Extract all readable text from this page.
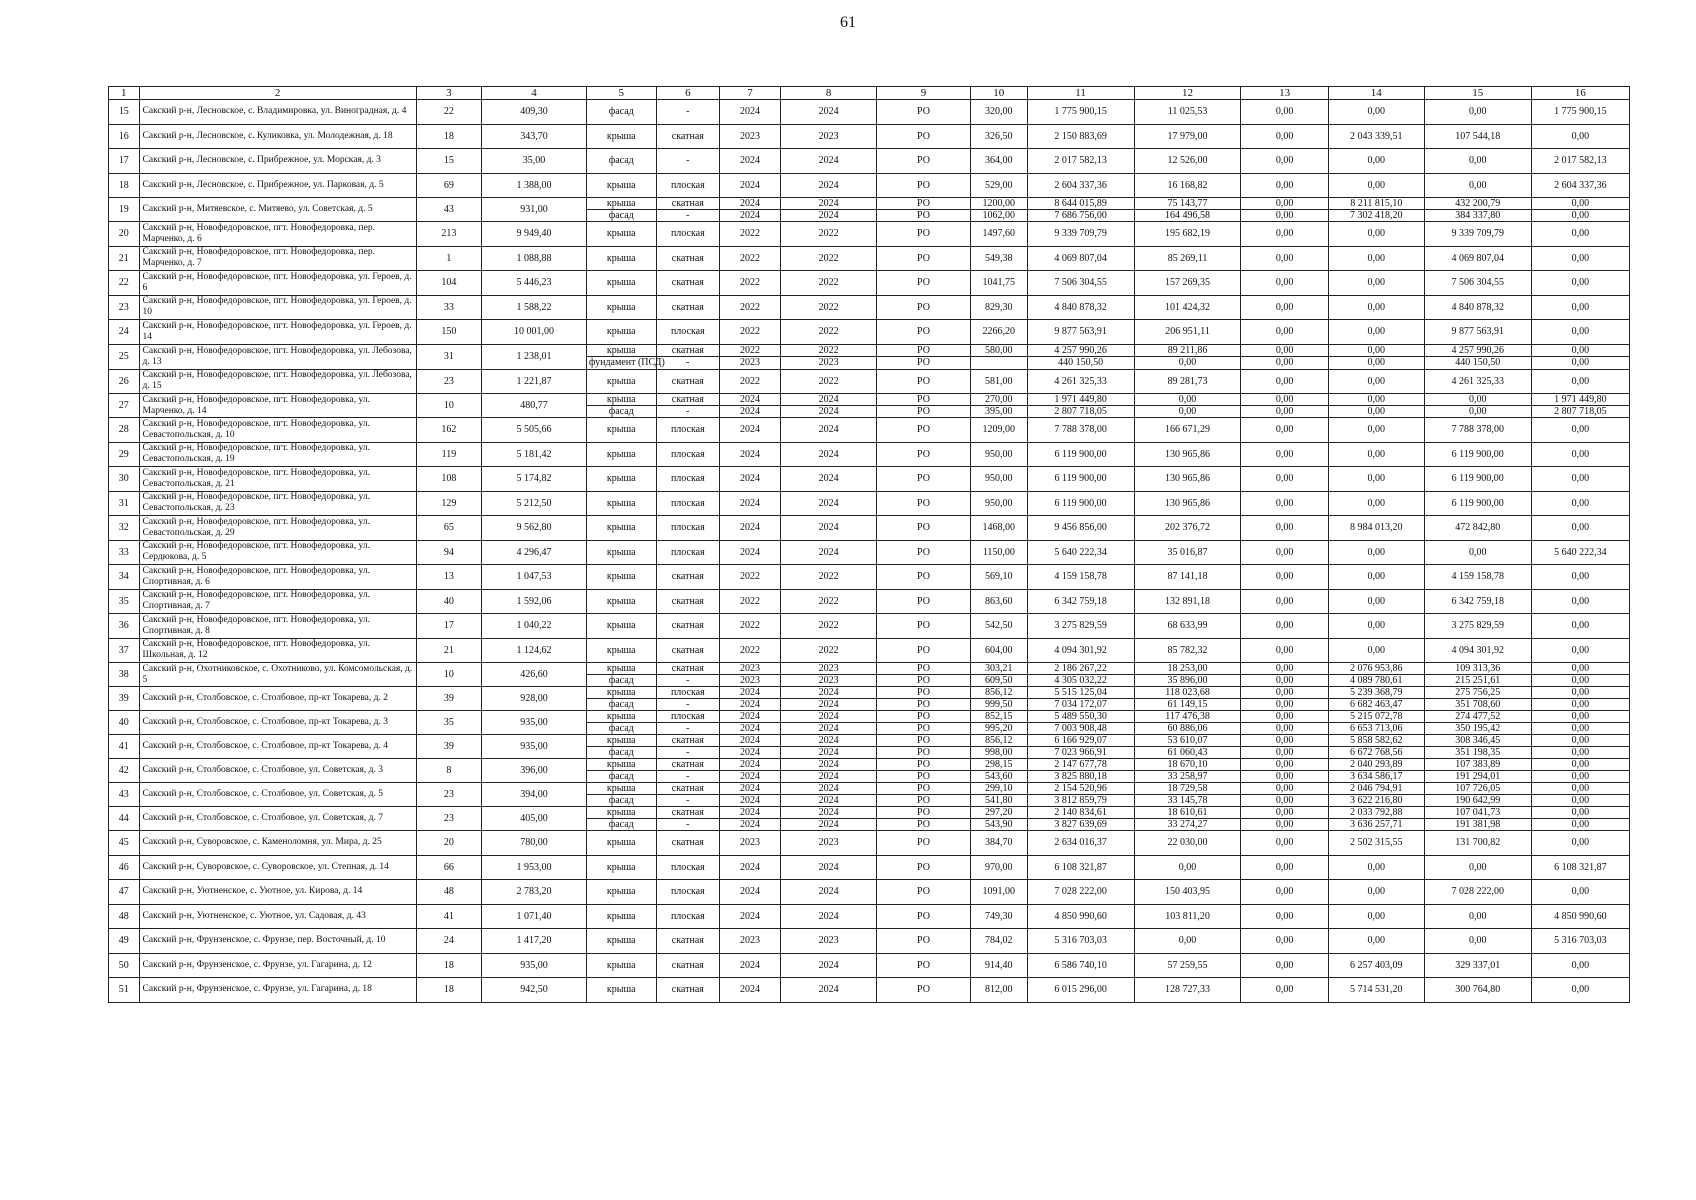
61
1	2	3	4	5	6	7	8	9	10	11	12	13	14	15	16
15	Сакский р-н, Лесновское, с. Владимировка, ул. Виноградная, д. 4	22	409,30	фасад	-	2024	2024	РО	320,00	1 775 900,15	11 025,53	0,00	0,00	0,00	1 775 900,15
16	Сакский р-н, Лесновское, с. Куликовка, ул. Молодежная, д. 18	18	343,70	крыша	скатная	2023	2023	РО	326,50	2 150 883,69	17 979,00	0,00	2 043 339,51	107 544,18	0,00
17	Сакский р-н, Лесновское, с. Прибрежное, ул. Морская, д. 3	15	35,00	фасад	-	2024	2024	РО	364,00	2 017 582,13	12 526,00	0,00	0,00	0,00	2 017 582,13
18	Сакский р-н, Лесновское, с. Прибрежное, ул. Парковая, д. 5	69	1 388,00	крыша	плоская	2024	2024	РО	529,00	2 604 337,36	16 168,82	0,00	0,00	0,00	2 604 337,36
19	Сакский р-н, Митяевское, с. Митяево, ул. Советская, д. 5	43	931,00	крыша	скатная	2024	2024	РО	1200,00	8 644 015,89	75 143,77	0,00	8 211 815,10	432 200,79	0,00
				фасад	-	2024	2024	РО	1062,00	7 686 756,00	164 496,58	0,00	7 302 418,20	384 337,80	0,00
20	Сакский р-н, Новофедоровское, пгт. Новофедоровка, пер. Марченко, д. 6	213	9 949,40	крыша	плоская	2022	2022	РО	1497,60	9 339 709,79	195 682,19	0,00	0,00	9 339 709,79	0,00
21	Сакский р-н, Новофедоровское, пгт. Новофедоровка, пер. Марченко, д. 7	1	1 088,88	крыша	скатная	2022	2022	РО	549,38	4 069 807,04	85 269,11	0,00	0,00	4 069 807,04	0,00
22	Сакский р-н, Новофедоровское, пгт. Новофедоровка, ул. Героев, д. 6	104	5 446,23	крыша	скатная	2022	2022	РО	1041,75	7 506 304,55	157 269,35	0,00	0,00	7 506 304,55	0,00
23	Сакский р-н, Новофедоровское, пгт. Новофедоровка, ул. Героев, д. 10	33	1 588,22	крыша	скатная	2022	2022	РО	829,30	4 840 878,32	101 424,32	0,00	0,00	4 840 878,32	0,00
24	Сакский р-н, Новофедоровское, пгт. Новофедоровка, ул. Героев, д. 14	150	10 001,00	крыша	плоская	2022	2022	РО	2266,20	9 877 563,91	206 951,11	0,00	0,00	9 877 563,91	0,00
25	Сакский р-н, Новофедоровское, пгт. Новофедоровка, ул. Лебозова, д. 13	31	1 238,01	крыша	скатная	2022	2022	РО	580,00	4 257 990,26	89 211,86	0,00	0,00	4 257 990,26	0,00
				фундамент (ПСД)	-	2023	2023	РО		440 150,50	0,00	0,00	0,00	440 150,50	0,00
26	Сакский р-н, Новофедоровское, пгт. Новофедоровка, ул. Лебозова, д. 15	23	1 221,87	крыша	скатная	2022	2022	РО	581,00	4 261 325,33	89 281,73	0,00	0,00	4 261 325,33	0,00
27	Сакский р-н, Новофедоровское, пгт. Новофедоровка, ул. Марченко, д. 14	10	480,77	крыша	скатная	2024	2024	РО	270,00	1 971 449,80	0,00	0,00	0,00	0,00	1 971 449,80
				фасад	-	2024	2024	РО	395,00	2 807 718,05	0,00	0,00	0,00	0,00	2 807 718,05
28	Сакский р-н, Новофедоровское, пгт. Новофедоровка, ул. Севастопольская, д. 10	162	5 505,66	крыша	плоская	2024	2024	РО	1209,00	7 788 378,00	166 671,29	0,00	0,00	7 788 378,00	0,00
29	Сакский р-н, Новофедоровское, пгт. Новофедоровка, ул. Севастопольская, д. 19	119	5 181,42	крыша	плоская	2024	2024	РО	950,00	6 119 900,00	130 965,86	0,00	0,00	6 119 900,00	0,00
30	Сакский р-н, Новофедоровское, пгт. Новофедоровка, ул. Севастопольская, д. 21	108	5 174,82	крыша	плоская	2024	2024	РО	950,00	6 119 900,00	130 965,86	0,00	0,00	6 119 900,00	0,00
31	Сакский р-н, Новофедоровское, пгт. Новофедоровка, ул. Севастопольская, д. 23	129	5 212,50	крыша	плоская	2024	2024	РО	950,00	6 119 900,00	130 965,86	0,00	0,00	6 119 900,00	0,00
32	Сакский р-н, Новофедоровское, пгт. Новофедоровка, ул. Севастопольская, д. 29	65	9 562,80	крыша	плоская	2024	2024	РО	1468,00	9 456 856,00	202 376,72	0,00	8 984 013,20	472 842,80	0,00
33	Сакский р-н, Новофедоровское, пгт. Новофедоровка, ул. Сердюкова, д. 5	94	4 296,47	крыша	плоская	2024	2024	РО	1150,00	5 640 222,34	35 016,87	0,00	0,00	0,00	5 640 222,34
34	Сакский р-н, Новофедоровское, пгт. Новофедоровка, ул. Спортивная, д. 6	13	1 047,53	крыша	скатная	2022	2022	РО	569,10	4 159 158,78	87 141,18	0,00	0,00	4 159 158,78	0,00
35	Сакский р-н, Новофедоровское, пгт. Новофедоровка, ул. Спортивная, д. 7	40	1 592,06	крыша	скатная	2022	2022	РО	863,60	6 342 759,18	132 891,18	0,00	0,00	6 342 759,18	0,00
36	Сакский р-н, Новофедоровское, пгт. Новофедоровка, ул. Спортивная, д. 8	17	1 040,22	крыша	скатная	2022	2022	РО	542,50	3 275 829,59	68 633,99	0,00	0,00	3 275 829,59	0,00
37	Сакский р-н, Новофедоровское, пгт. Новофедоровка, ул. Школьная, д. 12	21	1 124,62	крыша	скатная	2022	2022	РО	604,00	4 094 301,92	85 782,32	0,00	0,00	4 094 301,92	0,00
38	Сакский р-н, Охотниковское, с. Охотниково, ул. Комсомольская, д. 5	10	426,60	крыша	скатная	2023	2023	РО	303,21	2 186 267,22	18 253,00	0,00	2 076 953,86	109 313,36	0,00
				фасад	-	2023	2023	РО	609,50	4 305 032,22	35 896,00	0,00	4 089 780,61	215 251,61	0,00
39	Сакский р-н, Столбовское, с. Столбовое, пр-кт Токарева, д. 2	39	928,00	крыша	плоская	2024	2024	РО	856,12	5 515 125,04	118 023,68	0,00	5 239 368,79	275 756,25	0,00
				фасад	-	2024	2024	РО	999,50	7 034 172,07	61 149,15	0,00	6 682 463,47	351 708,60	0,00
40	Сакский р-н, Столбовское, с. Столбовое, пр-кт Токарева, д. 3	35	935,00	крыша	плоская	2024	2024	РО	852,15	5 489 550,30	117 476,38	0,00	5 215 072,78	274 477,52	0,00
				фасад	-	2024	2024	РО	995,20	7 003 908,48	60 886,06	0,00	6 653 713,06	350 195,42	0,00
41	Сакский р-н, Столбовское, с. Столбовое, пр-кт Токарева, д. 4	39	935,00	крыша	скатная	2024	2024	РО	856,12	6 166 929,07	53 610,07	0,00	5 858 582,62	308 346,45	0,00
				фасад	-	2024	2024	РО	998,00	7 023 966,91	61 060,43	0,00	6 672 768,56	351 198,35	0,00
42	Сакский р-н, Столбовское, с. Столбовое, ул. Советская, д. 3	8	396,00	крыша	скатная	2024	2024	РО	298,15	2 147 677,78	18 670,10	0,00	2 040 293,89	107 383,89	0,00
				фасад	-	2024	2024	РО	543,60	3 825 880,18	33 258,97	0,00	3 634 586,17	191 294,01	0,00
43	Сакский р-н, Столбовское, с. Столбовое, ул. Советская, д. 5	23	394,00	крыша	скатная	2024	2024	РО	299,10	2 154 520,96	18 729,58	0,00	2 046 794,91	107 726,05	0,00
				фасад	-	2024	2024	РО	541,80	3 812 859,79	33 145,78	0,00	3 622 216,80	190 642,99	0,00
44	Сакский р-н, Столбовское, с. Столбовое, ул. Советская, д. 7	23	405,00	крыша	скатная	2024	2024	РО	297,20	2 140 834,61	18 610,61	0,00	2 033 792,88	107 041,73	0,00
				фасад	-	2024	2024	РО	543,90	3 827 639,69	33 274,27	0,00	3 636 257,71	191 381,98	0,00
45	Сакский р-н, Суворовское, с. Каменоломня, ул. Мира, д. 25	20	780,00	крыша	скатная	2023	2023	РО	384,70	2 634 016,37	22 030,00	0,00	2 502 315,55	131 700,82	0,00
46	Сакский р-н, Суворовское, с. Суворовское, ул. Степная, д. 14	66	1 953,00	крыша	плоская	2024	2024	РО	970,00	6 108 321,87	0,00	0,00	0,00	0,00	6 108 321,87
47	Сакский р-н, Уютненское, с. Уютное, ул. Кирова, д. 14	48	2 783,20	крыша	плоская	2024	2024	РО	1091,00	7 028 222,00	150 403,95	0,00	0,00	7 028 222,00	0,00
48	Сакский р-н, Уютненское, с. Уютное, ул. Садовая, д. 43	41	1 071,40	крыша	плоская	2024	2024	РО	749,30	4 850 990,60	103 811,20	0,00	0,00	0,00	4 850 990,60
49	Сакский р-н, Фрунзенское, с. Фрунзе, пер. Восточный, д. 10	24	1 417,20	крыша	скатная	2023	2023	РО	784,02	5 316 703,03	0,00	0,00	0,00	0,00	5 316 703,03
50	Сакский р-н, Фрунзенское, с. Фрунзе, ул. Гагарина, д. 12	18	935,00	крыша	скатная	2024	2024	РО	914,40	6 586 740,10	57 259,55	0,00	6 257 403,09	329 337,01	0,00
51	Сакский р-н, Фрунзенское, с. Фрунзе, ул. Гагарина, д. 18	18	942,50	крыша	скатная	2024	2024	РО	812,00	6 015 296,00	128 727,33	0,00	5 714 531,20	300 764,80	0,00
